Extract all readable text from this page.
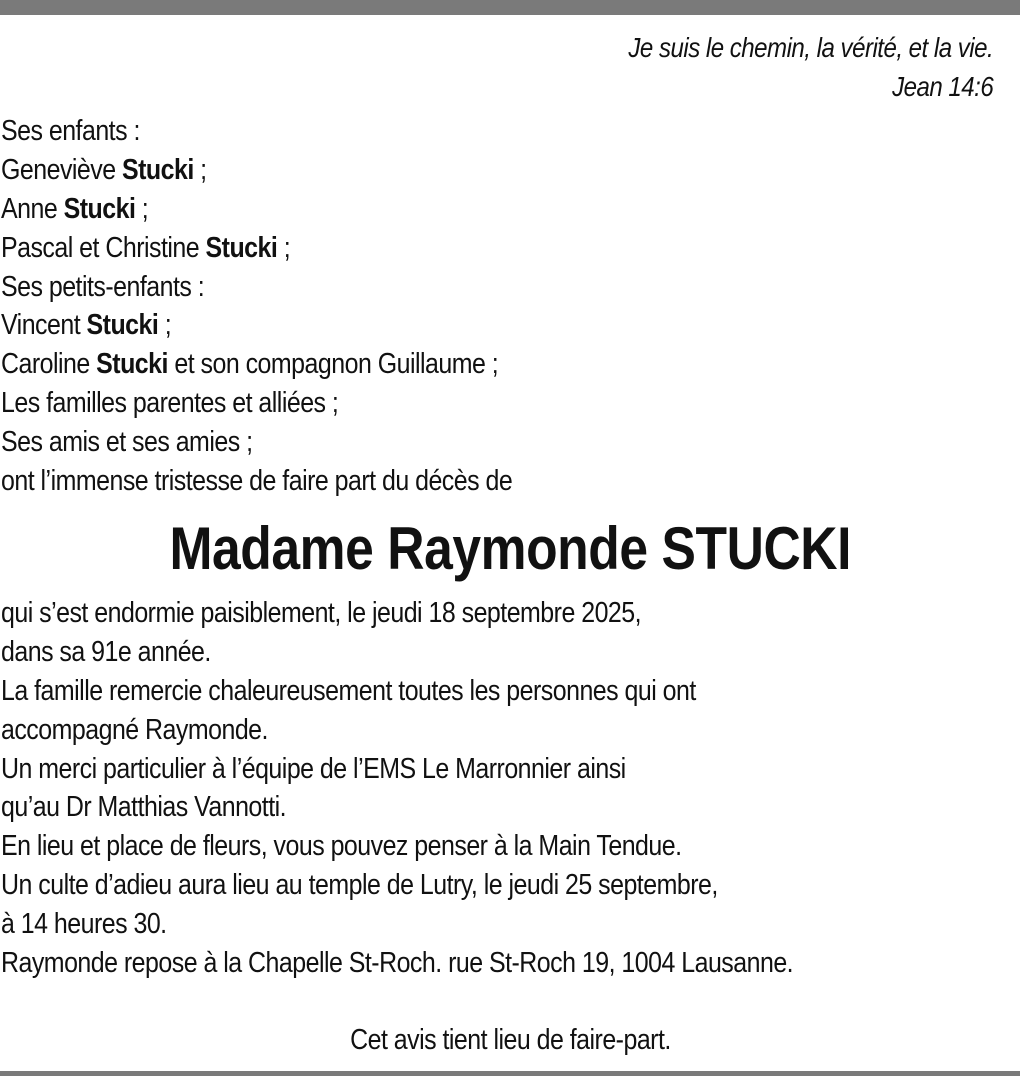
Je suis le chemin, la vérité, et la vie.
Jean 14:6
Ses enfants :
Geneviève Stucki ;
Anne Stucki ;
Pascal et Christine Stucki ;
Ses petits-enfants :
Vincent Stucki ;
Caroline Stucki et son compagnon Guillaume ;
Les familles parentes et alliées ;
Ses amis et ses amies ;
ont l’immense tristesse de faire part du décès de
Madame Raymonde STUCKI
qui s’est endormie paisiblement, le jeudi 18 septembre 2025,
dans sa 91e année.
La famille remercie chaleureusement toutes les personnes qui ont
accompagné Raymonde.
Un merci particulier à l’équipe de l’EMS Le Marronnier ainsi
qu’au Dr Matthias Vannotti.
En lieu et place de fleurs, vous pouvez penser à la Main Tendue.
Un culte d’adieu aura lieu au temple de Lutry, le jeudi 25 septembre,
à 14 heures 30.
Raymonde repose à la Chapelle St-Roch. rue St-Roch 19, 1004 Lausanne.
Cet avis tient lieu de faire-part.
